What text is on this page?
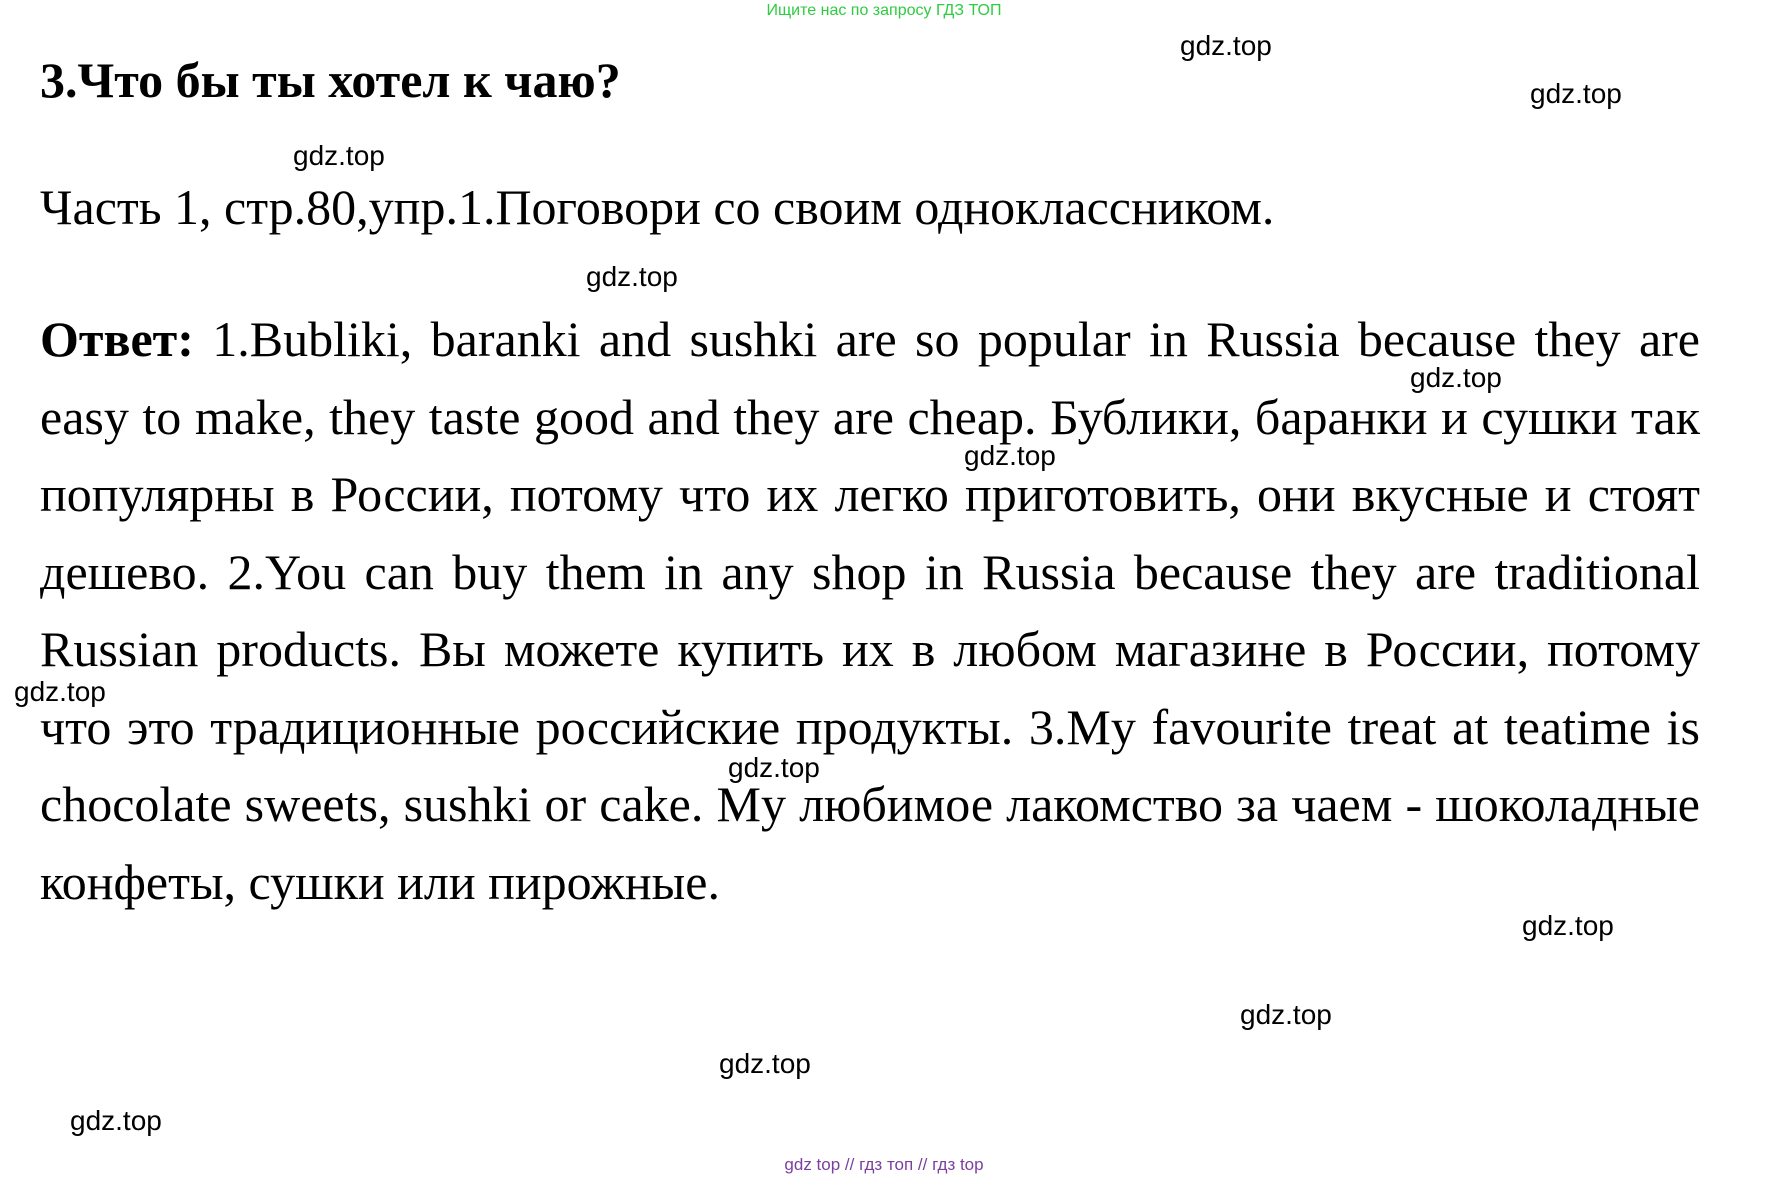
Ищите нас по запросу ГДЗ ТОП
3.Что бы ты хотел к чаю?

Часть 1, стр.80,упр.1.Поговори со своим одноклассником.

Ответ: 1.Bubliki, baranki and sushki are so popular in Russia because they are easy to make, they taste good and they are cheap. Бублики, баранки и сушки так популярны в России, потому что их легко приготовить, они вкусные и стоят дешево. 2.You can buy them in any shop in Russia because they are traditional Russian products. Вы можете купить их в любом магазине в России, потому что это традиционные российские продукты. 3.My favourite treat at teatime is chocolate sweets, sushki or cake. Мy любимое лакомство за чаем - шоколадные конфеты, сушки или пирожные.

gdz.top
gdz.top
gdz.top
gdz.top
gdz.top
gdz.top
gdz.top
gdz.top
gdz.top
gdz.top
gdz.top
gdz.top
gdz top // гдз топ // гдз top
